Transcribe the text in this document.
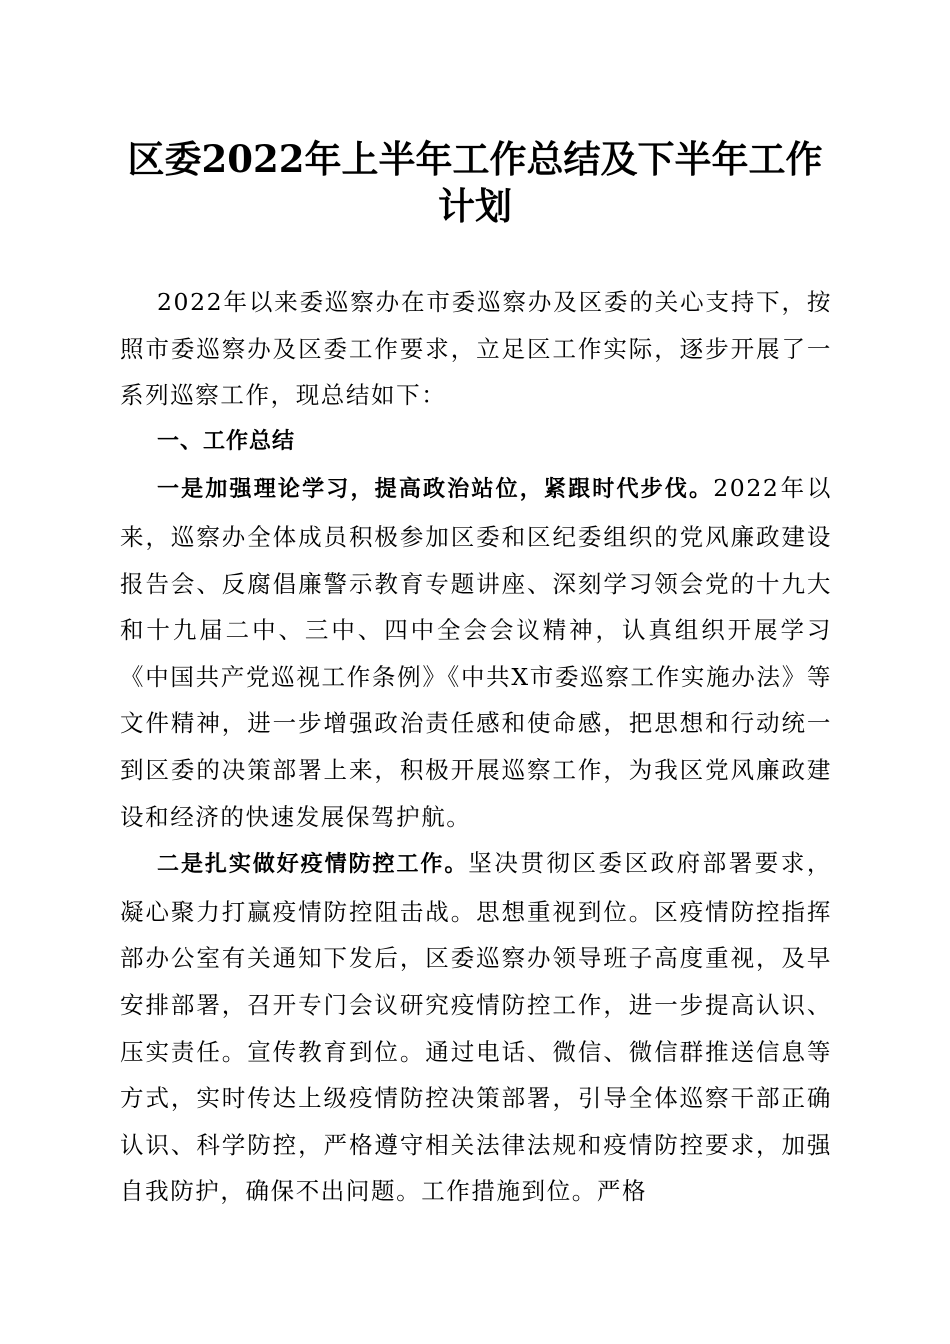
区委2022年上半年工作总结及下半年工作计划

2022年以来委巡察办在市委巡察办及区委的关心支持下，按照市委巡察办及区委工作要求，立足区工作实际，逐步开展了一系列巡察工作，现总结如下：

一、工作总结

一是加强理论学习，提高政治站位，紧跟时代步伐。2022年以来，巡察办全体成员积极参加区委和区纪委组织的党风廉政建设报告会、反腐倡廉警示教育专题讲座、深刻学习领会党的十九大和十九届二中、三中、四中全会会议精神，认真组织开展学习《中国共产党巡视工作条例》《中共X市委巡察工作实施办法》等文件精神，进一步增强政治责任感和使命感，把思想和行动统一到区委的决策部署上来，积极开展巡察工作，为我区党风廉政建设和经济的快速发展保驾护航。

二是扎实做好疫情防控工作。坚决贯彻区委区政府部署要求，凝心聚力打赢疫情防控阻击战。思想重视到位。区疫情防控指挥部办公室有关通知下发后，区委巡察办领导班子高度重视，及早安排部署，召开专门会议研究疫情防控工作，进一步提高认识、压实责任。宣传教育到位。通过电话、微信、微信群推送信息等方式，实时传达上级疫情防控决策部署，引导全体巡察干部正确认识、科学防控，严格遵守相关法律法规和疫情防控要求，加强自我防护，确保不出问题。工作措施到位。严格
